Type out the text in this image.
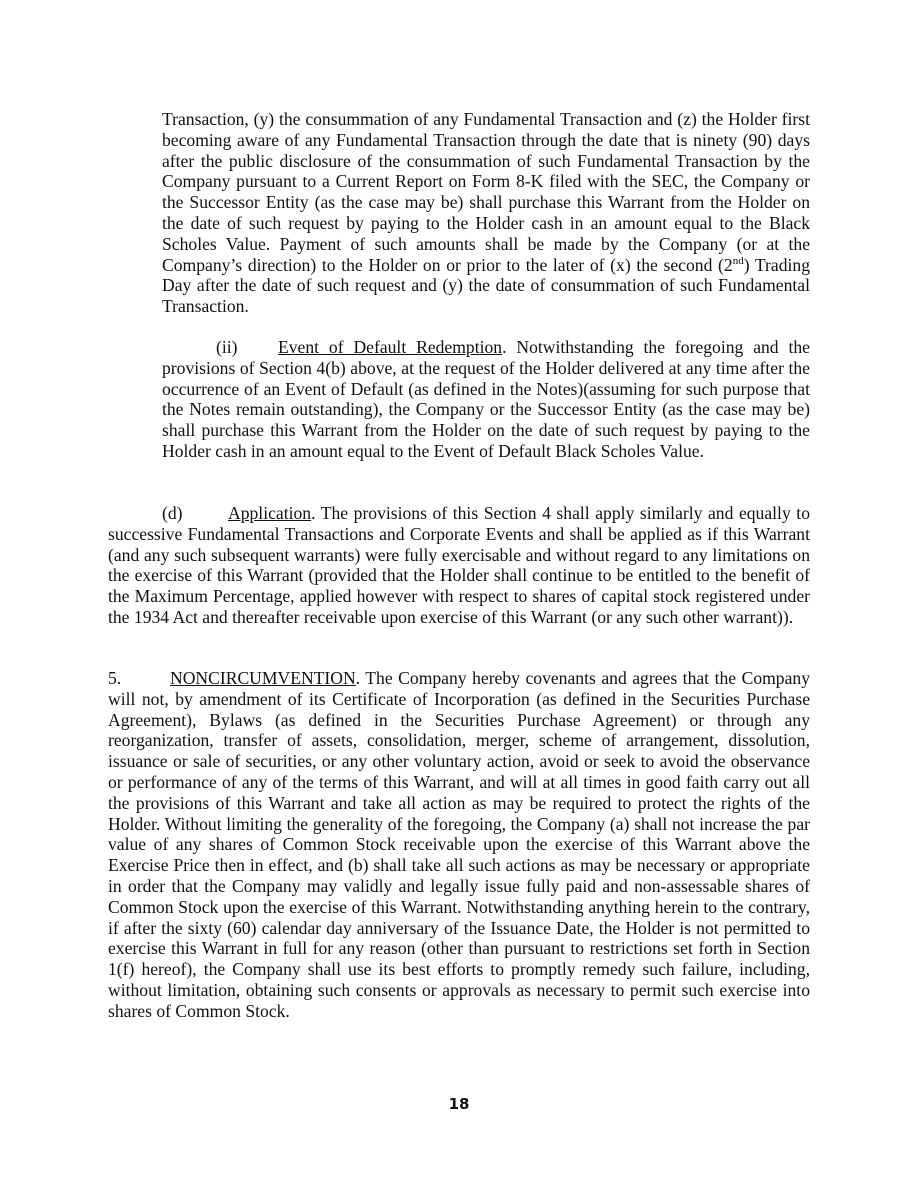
Transaction, (y) the consummation of any Fundamental Transaction and (z) the Holder first becoming aware of any Fundamental Transaction through the date that is ninety (90) days after the public disclosure of the consummation of such Fundamental Transaction by the Company pursuant to a Current Report on Form 8-K filed with the SEC, the Company or the Successor Entity (as the case may be) shall purchase this Warrant from the Holder on the date of such request by paying to the Holder cash in an amount equal to the Black Scholes Value. Payment of such amounts shall be made by the Company (or at the Company’s direction) to the Holder on or prior to the later of (x) the second (2nd) Trading Day after the date of such request and (y) the date of consummation of such Fundamental Transaction.

(ii) Event of Default Redemption. Notwithstanding the foregoing and the provisions of Section 4(b) above, at the request of the Holder delivered at any time after the occurrence of an Event of Default (as defined in the Notes)(assuming for such purpose that the Notes remain outstanding), the Company or the Successor Entity (as the case may be) shall purchase this Warrant from the Holder on the date of such request by paying to the Holder cash in an amount equal to the Event of Default Black Scholes Value.

(d)	Application. The provisions of this Section 4 shall apply similarly and equally to successive Fundamental Transactions and Corporate Events and shall be applied as if this Warrant (and any such subsequent warrants) were fully exercisable and without regard to any limitations on the exercise of this Warrant (provided that the Holder shall continue to be entitled to the benefit of the Maximum Percentage, applied however with respect to shares of capital stock registered under the 1934 Act and thereafter receivable upon exercise of this Warrant (or any such other warrant)).

5.	NONCIRCUMVENTION. The Company hereby covenants and agrees that the Company will not, by amendment of its Certificate of Incorporation (as defined in the Securities Purchase Agreement), Bylaws (as defined in the Securities Purchase Agreement) or through any reorganization, transfer of assets, consolidation, merger, scheme of arrangement, dissolution, issuance or sale of securities, or any other voluntary action, avoid or seek to avoid the observance or performance of any of the terms of this Warrant, and will at all times in good faith carry out all the provisions of this Warrant and take all action as may be required to protect the rights of the Holder. Without limiting the generality of the foregoing, the Company (a) shall not increase the par value of any shares of Common Stock receivable upon the exercise of this Warrant above the Exercise Price then in effect, and (b) shall take all such actions as may be necessary or appropriate in order that the Company may validly and legally issue fully paid and non-assessable shares of Common Stock upon the exercise of this Warrant. Notwithstanding anything herein to the contrary, if after the sixty (60) calendar day anniversary of the Issuance Date, the Holder is not permitted to exercise this Warrant in full for any reason (other than pursuant to restrictions set forth in Section 1(f) hereof), the Company shall use its best efforts to promptly remedy such failure, including, without limitation, obtaining such consents or approvals as necessary to permit such exercise into shares of Common Stock.

18
